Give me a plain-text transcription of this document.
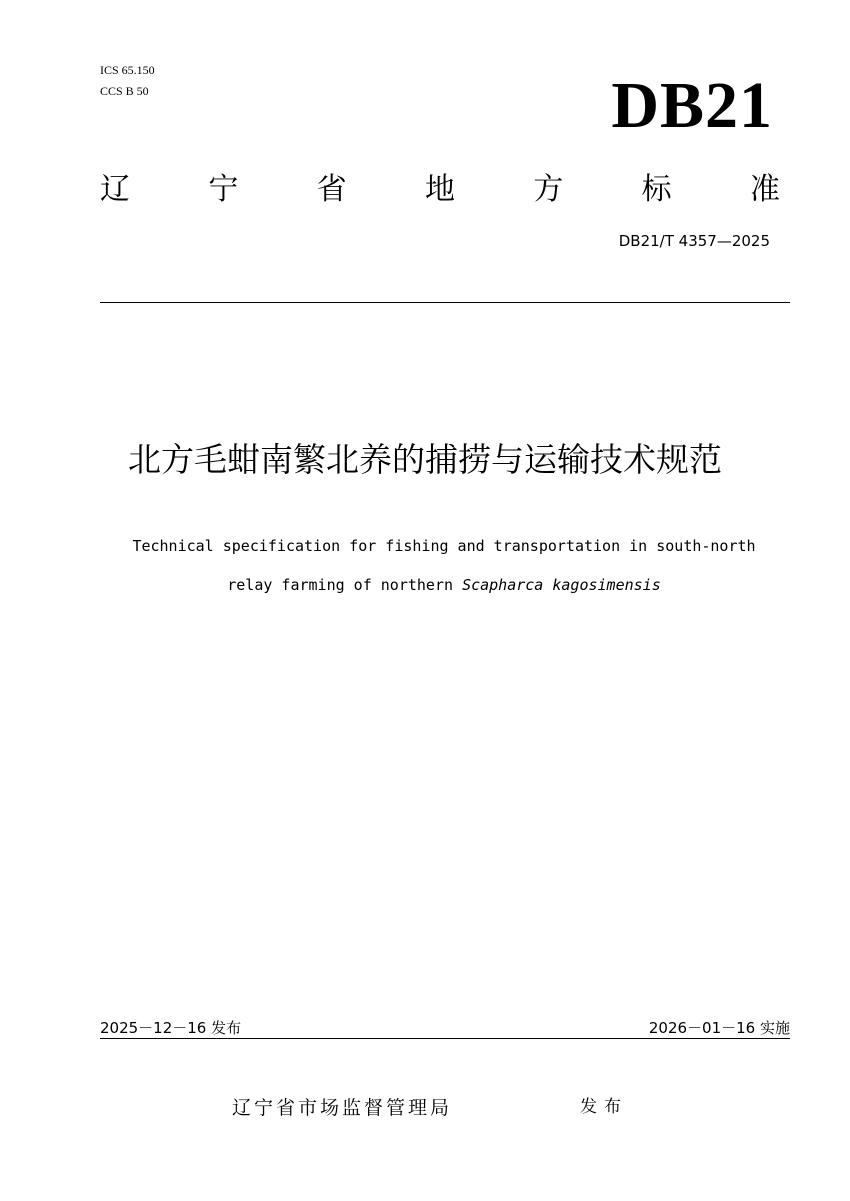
ICS 65.150
CCS B 50	DB21
辽	宁	省	地	方	标	准
DB21/T 4357—2025
北方毛蚶南繁北养的捕捞与运输技术规范
Technical specification for fishing and transportation in south-north
relay farming of northern Scapharca kagosimensis
2025－12－16 发布	2026－01－16 实施
辽宁省市场监督管理局	发布
